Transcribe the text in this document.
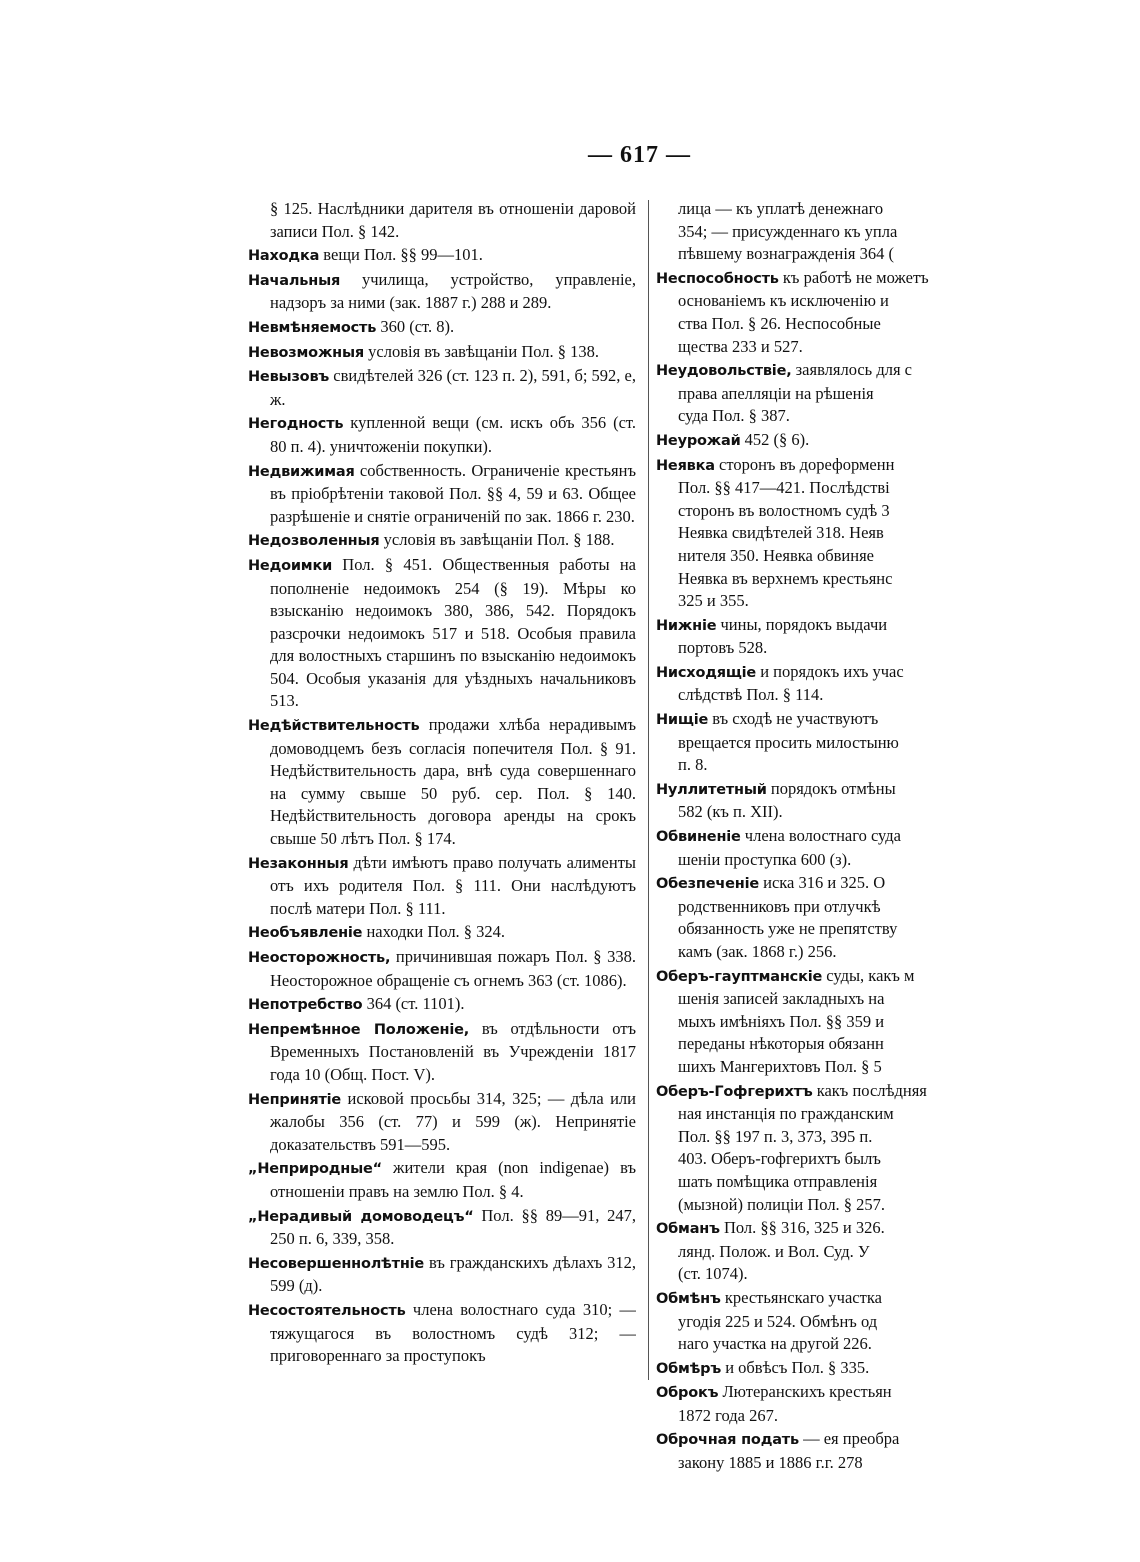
— 617 —
§ 125. Наслѣдники дарителя въ отношеніи даровой записи Пол. § 142.
Находка вещи Пол. §§ 99—101.
Начальныя училища, устройство, управленіе, надзоръ за ними (зак. 1887 г.) 288 и 289.
Невмѣняемость 360 (ст. 8).
Невозможныя условія въ завѣщаніи Пол. § 138.
Невызовъ свидѣтелей 326 (ст. 123 п. 2), 591, б; 592, е, ж.
Негодность купленной вещи (см. искъ объ 356 (ст. 80 п. 4). уничтоженіи покупки).
Недвижимая собственность. Ограниченіе крестьянъ въ пріобрѣтеніи таковой Пол. §§ 4, 59 и 63. Общее разрѣшеніе и снятіе ограниченій по зак. 1866 г. 230.
Недозволенныя условія въ завѣщаніи Пол. § 188.
Недоимки Пол. § 451. Общественныя работы на пополненіе недоимокъ 254 (§ 19). Мѣры ко взысканію недоимокъ 380, 386, 542. Порядокъ разсрочки недоимокъ 517 и 518. Особыя правила для волостныхъ старшинъ по взысканію недоимокъ 504. Особыя указанія для уѣздныхъ начальниковъ 513.
Недѣйствительность продажи хлѣба нерадивымъ домоводцемъ безъ согласія попечителя Пол. § 91. Недѣйствительность дара, внѣ суда совершеннаго на сумму свыше 50 руб. сер. Пол. § 140. Недѣйствительность договора аренды на срокъ свыше 50 лѣтъ Пол. § 174.
Незаконныя дѣти имѣютъ право получать алименты отъ ихъ родителя Пол. § 111. Они наслѣдуютъ послѣ матери Пол. § 111.
Необъявленіе находки Пол. § 324.
Неосторожность, причинившая пожаръ Пол. § 338. Неосторожное обращеніе съ огнемъ 363 (ст. 1086).
Непотребство 364 (ст. 1101).
Непремѣнное Положеніе, въ отдѣльности отъ Временныхъ Постановленій въ Учрежденіи 1817 года 10 (Общ. Пост. V).
Непринятіе исковой просьбы 314, 325; — дѣла или жалобы 356 (ст. 77) и 599 (ж). Непринятіе доказательствъ 591—595.
„Неприродные“ жители края (non indigenae) въ отношеніи правъ на землю Пол. § 4.
„Нерадивый домоводецъ“ Пол. §§ 89—91, 247, 250 п. 6, 339, 358.
Несовершеннолѣтніе въ гражданскихъ дѣлахъ 312, 599 (д).
Несостоятельность члена волостнаго суда 310; — тяжущагося въ волостномъ судѣ 312; — приговореннаго за проступокъ
лица — къ уплатѣ денежнаго
354; — присужденнаго къ упла
пѣвшему вознагражденія 364 (
Неспособность къ работѣ не можетъ
основаніемъ къ исключенію и
ства Пол. § 26. Неспособные
щества 233 и 527.
Неудовольствіе, заявлялось для с
права апелляціи на рѣшенія
суда Пол. § 387.
Неурожай 452 (§ 6).
Неявка сторонъ въ дореформенн
Пол. §§ 417—421. Послѣдстві
сторонъ въ волостномъ судѣ 3
Неявка свидѣтелей 318. Неяв
нителя 350. Неявка обвиняе
Неявка въ верхнемъ крестьянс
325 и 355.
Нижніе чины, порядокъ выдачи
портовъ 528.
Нисходящіе и порядокъ ихъ учас
слѣдствѣ Пол. § 114.
Нищіе въ сходѣ не участвуютъ
врещается просить милостыню
п. 8.
Нуллитетный порядокъ отмѣны
582 (къ п. XII).
Обвиненіе члена волостнаго суда
шеніи проступка 600 (з).
Обезпеченіе иска 316 и 325. О
родственниковъ при отлучкѣ
обязанность уже не препятству
камъ (зак. 1868 г.) 256.
Оберъ-гауптманскіе суды, какъ м
шенія записей закладныхъ на
мыхъ имѣніяхъ Пол. §§ 359 и
переданы нѣкоторыя обязанн
шихъ Мангерихтовъ Пол. § 5
Оберъ-Гофгерихтъ какъ послѣдняя
ная инстанція по гражданским
Пол. §§ 197 п. 3, 373, 395 п.
403. Оберъ-гофгерихтъ былъ
шать помѣщика отправленія
(мызной) полиціи Пол. § 257.
Обманъ Пол. §§ 316, 325 и 326.
лянд. Полож. и Вол. Суд. У
(ст. 1074).
Обмѣнъ крестьянскаго участка
угодія 225 и 524. Обмѣнъ од
наго участка на другой 226.
Обмѣръ и обвѣсъ Пол. § 335.
Оброкъ Лютеранскихъ крестьян
1872 года 267.
Оброчная подать — ея преобра
закону 1885 и 1886 г.г. 278
